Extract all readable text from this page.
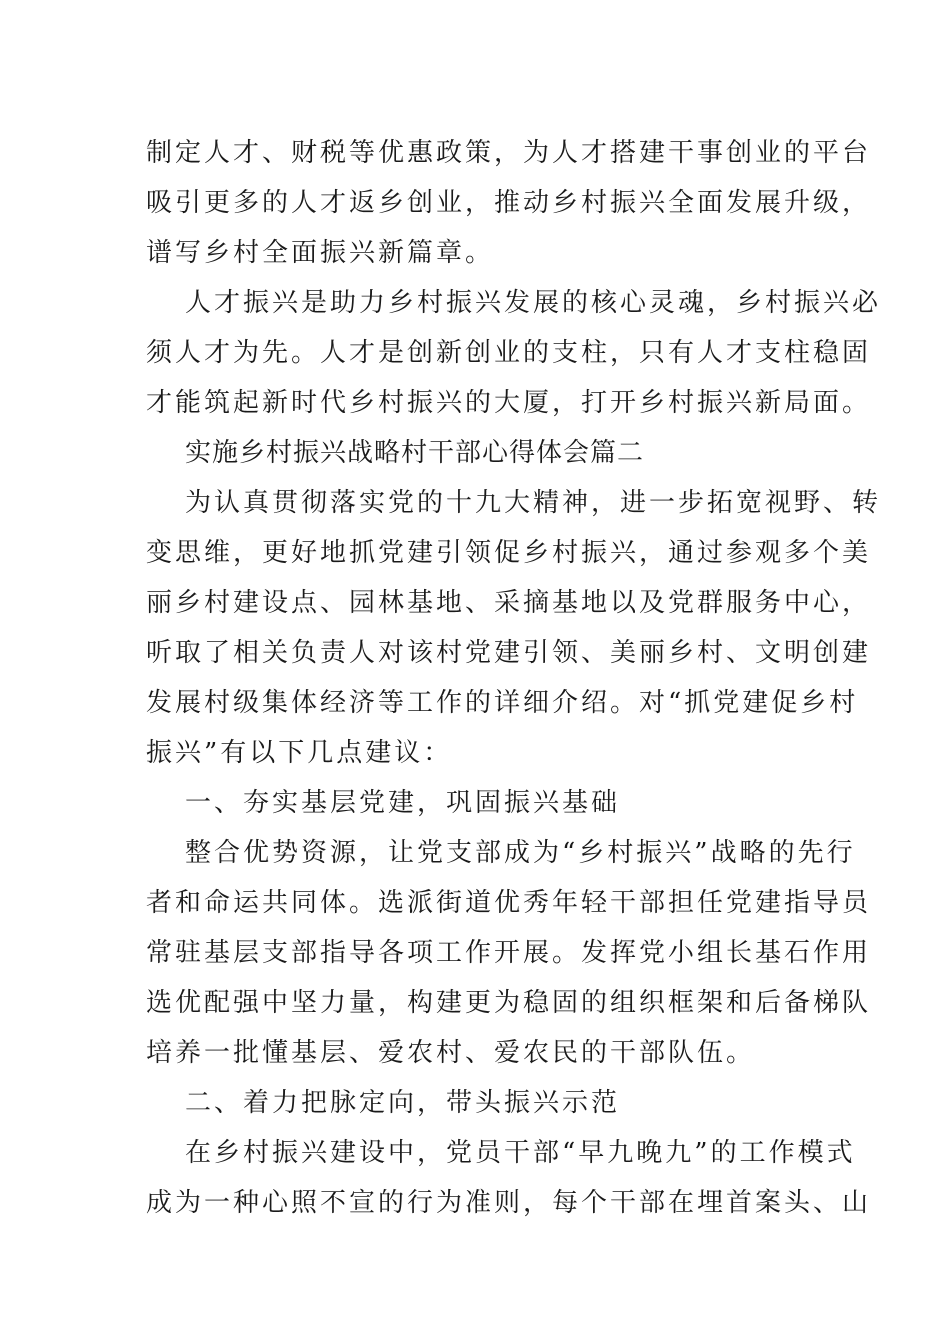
制定人才、财税等优惠政策，为人才搭建干事创业的平台
吸引更多的人才返乡创业，推动乡村振兴全面发展升级，
谱写乡村全面振兴新篇章。
人才振兴是助力乡村振兴发展的核心灵魂，乡村振兴必
须人才为先。人才是创新创业的支柱，只有人才支柱稳固
才能筑起新时代乡村振兴的大厦，打开乡村振兴新局面。
实施乡村振兴战略村干部心得体会篇二
为认真贯彻落实党的十九大精神，进一步拓宽视野、转
变思维，更好地抓党建引领促乡村振兴，通过参观多个美
丽乡村建设点、园林基地、采摘基地以及党群服务中心，
听取了相关负责人对该村党建引领、美丽乡村、文明创建
发展村级集体经济等工作的详细介绍。对“抓党建促乡村
振兴”有以下几点建议：
一、夯实基层党建，巩固振兴基础
整合优势资源，让党支部成为“乡村振兴”战略的先行
者和命运共同体。选派街道优秀年轻干部担任党建指导员
常驻基层支部指导各项工作开展。发挥党小组长基石作用
选优配强中坚力量，构建更为稳固的组织框架和后备梯队
培养一批懂基层、爱农村、爱农民的干部队伍。
二、着力把脉定向，带头振兴示范
在乡村振兴建设中，党员干部“早九晚九”的工作模式
成为一种心照不宣的行为准则，每个干部在埋首案头、山
